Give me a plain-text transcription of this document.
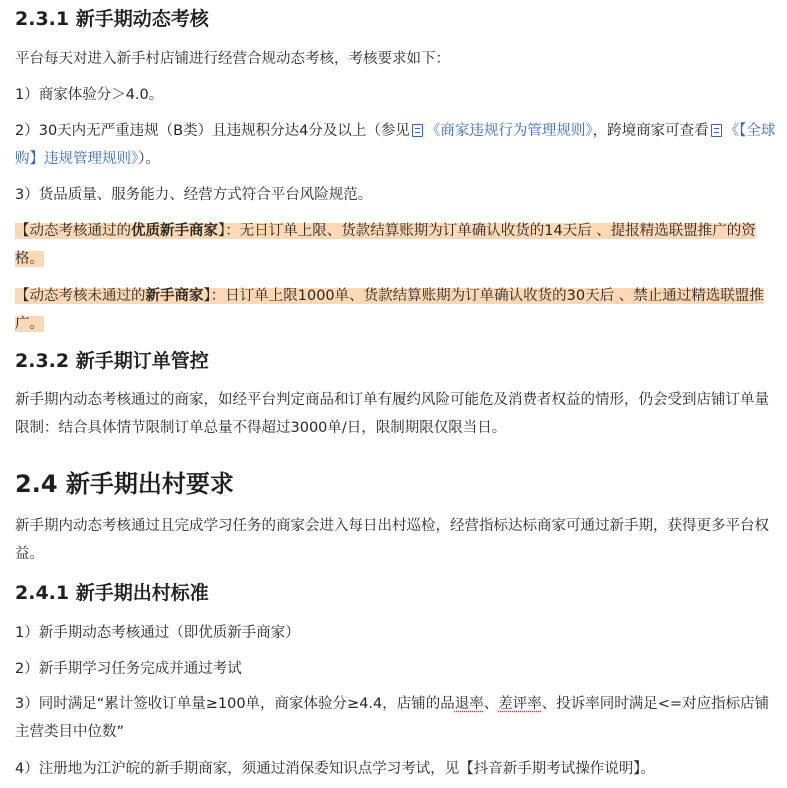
2.3.1 新手期动态考核

平台每天对进入新手村店铺进行经营合规动态考核，考核要求如下：

1）商家体验分＞4.0。

2）30天内无严重违规（B类）且违规积分达4分及以上（参见 《商家违规行为管理规则》，跨境商家可查看 《【全球购】违规管理规则》）。

3）货品质量、服务能力、经营方式符合平台风险规范。

【动态考核通过的优质新手商家】：无日订单上限、货款结算账期为订单确认收货的14天后 、提报精选联盟推广的资格。

【动态考核未通过的新手商家】：日订单上限1000单、货款结算账期为订单确认收货的30天后 、禁止通过精选联盟推广。

2.3.2 新手期订单管控

新手期内动态考核通过的商家，如经平台判定商品和订单有履约风险可能危及消费者权益的情形，仍会受到店铺订单量限制：结合具体情节限制订单总量不得超过3000单/日，限制期限仅限当日。

2.4 新手期出村要求

新手期内动态考核通过且完成学习任务的商家会进入每日出村巡检，经营指标达标商家可通过新手期，获得更多平台权益。

2.4.1 新手期出村标准

1）新手期动态考核通过（即优质新手商家）

2）新手期学习任务完成并通过考试

3）同时满足“累计签收订单量≥100单，商家体验分≥4.4，店铺的品退率、差评率、投诉率同时满足<=对应指标店铺主营类目中位数”

4）注册地为江沪皖的新手期商家，须通过消保委知识点学习考试，见【抖音新手期考试操作说明】。
